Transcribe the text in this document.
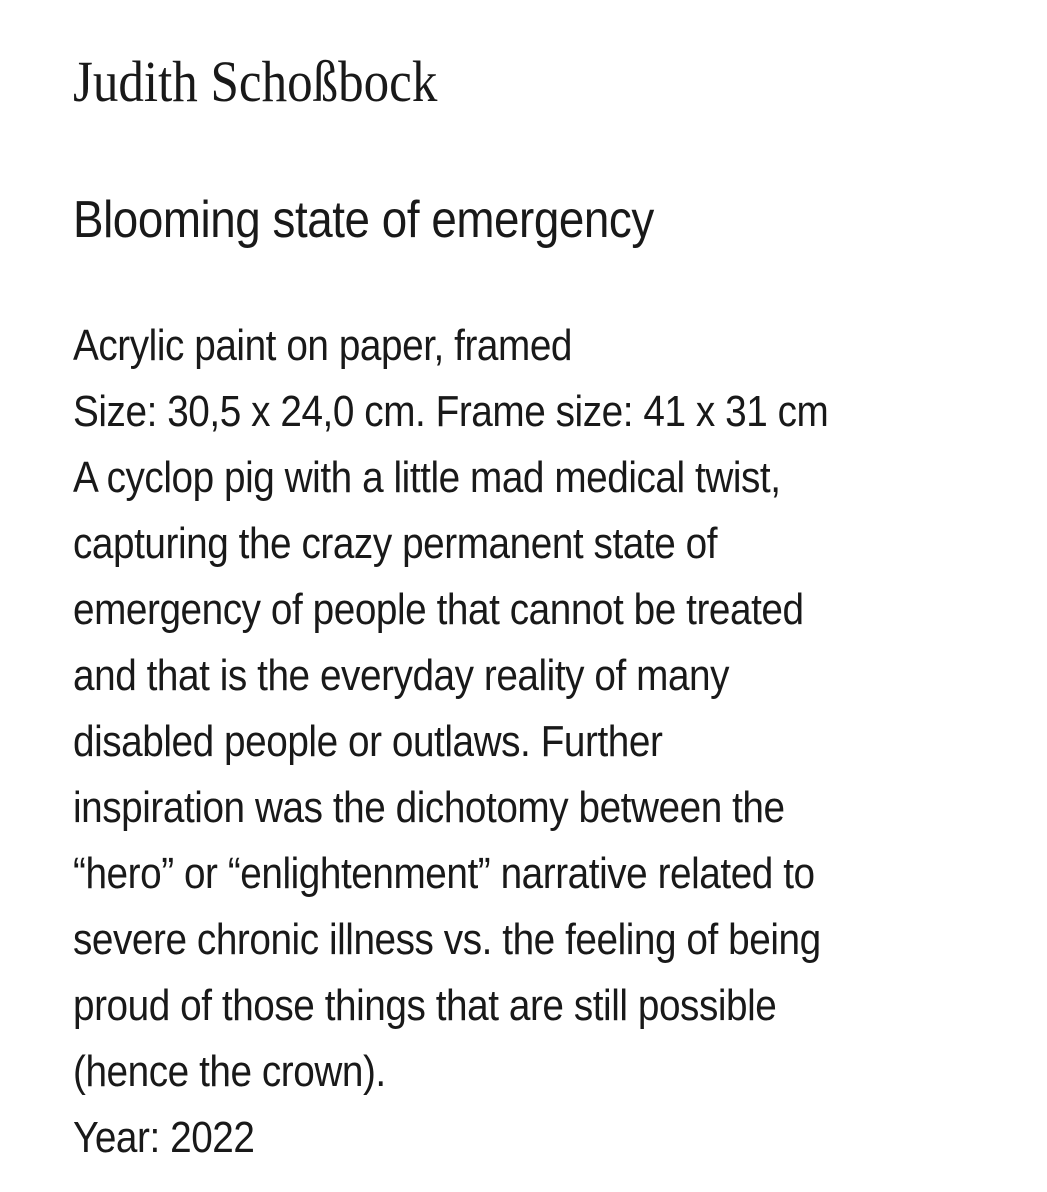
Judith Schoßbock
Blooming state of emergency
Acrylic paint on paper, framed
Size: 30,5 x 24,0 cm. Frame size: 41 x 31 cm
A cyclop pig with a little mad medical twist,
capturing the crazy permanent state of
emergency of people that cannot be treated
and that is the everyday reality of many
disabled people or outlaws. Further
inspiration was the dichotomy between the
“hero” or “enlightenment” narrative related to
severe chronic illness vs. the feeling of being
proud of those things that are still possible
(hence the crown).
Year: 2022
